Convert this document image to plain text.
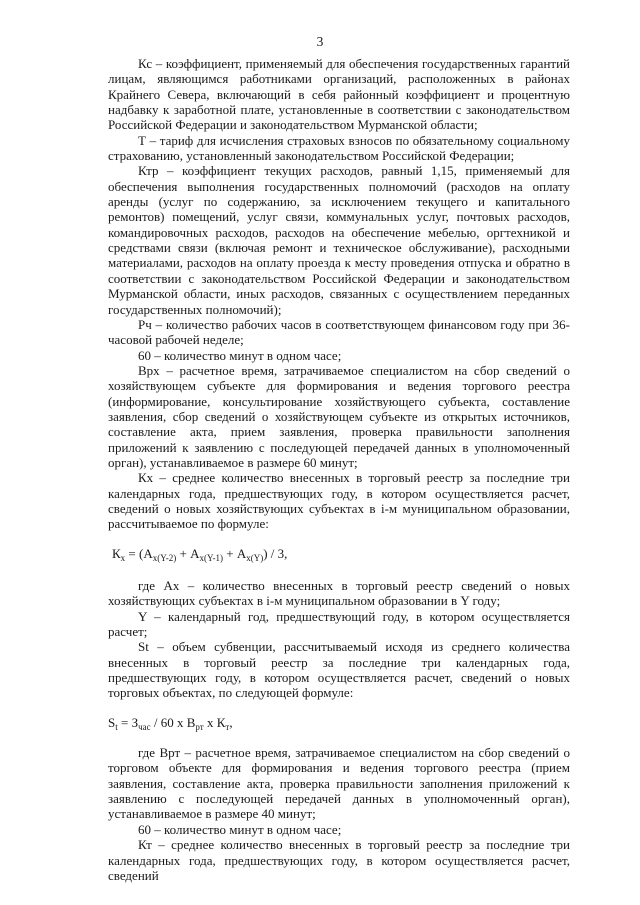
3

Кс – коэффициент, применяемый для обеспечения государственных гарантий лицам, являющимся работниками организаций, расположенных в районах Крайнего Севера, включающий в себя районный коэффициент и процентную надбавку к заработной плате, установленные в соответствии с законодательством Российской Федерации и законодательством Мурманской области;

Т – тариф для исчисления страховых взносов по обязательному социальному страхованию, установленный законодательством Российской Федерации;

Ктр – коэффициент текущих расходов, равный 1,15, применяемый для обеспечения выполнения государственных полномочий (расходов на оплату аренды (услуг по содержанию, за исключением текущего и капитального ремонтов) помещений, услуг связи, коммунальных услуг, почтовых расходов, командировочных расходов, расходов на обеспечение мебелью, оргтехникой и средствами связи (включая ремонт и техническое обслуживание), расходными материалами, расходов на оплату проезда к месту проведения отпуска и обратно в соответствии с законодательством Российской Федерации и законодательством Мурманской области, иных расходов, связанных с осуществлением переданных государственных полномочий);

Рч – количество рабочих часов в соответствующем финансовом году при 36-часовой рабочей неделе;

60 – количество минут в одном часе;

Врх – расчетное время, затрачиваемое специалистом на сбор сведений о хозяйствующем субъекте для формирования и ведения торгового реестра (информирование, консультирование хозяйствующего субъекта, составление заявления, сбор сведений о хозяйствующем субъекте из открытых источников, составление акта, прием заявления, проверка правильности заполнения приложений к заявлению с последующей передачей данных в уполномоченный орган), устанавливаемое в размере 60 минут;

Кх – среднее количество внесенных в торговый реестр за последние три календарных года, предшествующих году, в котором осуществляется расчет, сведений о новых хозяйствующих субъектах в i-м муниципальном образовании, рассчитываемое по формуле:

$К_х = (А_{х(Y-2)} + А_{х(Y-1)} + А_{х(Y)}) / 3$,

где Ах – количество внесенных в торговый реестр сведений о новых хозяйствующих субъектах в i-м муниципальном образовании в Y году;

Y – календарный год, предшествующий году, в котором осуществляется расчет;

St – объем субвенции, рассчитываемый исходя из среднего количества внесенных в торговый реестр за последние три календарных года, предшествующих году, в котором осуществляется расчет, сведений о новых торговых объектах, по следующей формуле:

$S_t = З_{час} / 60$ х $В_{рт}$ х $К_т$,

где Врт – расчетное время, затрачиваемое специалистом на сбор сведений о торговом объекте для формирования и ведения торгового реестра (прием заявления, составление акта, проверка правильности заполнения приложений к заявлению с последующей передачей данных в уполномоченный орган), устанавливаемое в размере 40 минут;

60 – количество минут в одном часе;

Кт – среднее количество внесенных в торговый реестр за последние три календарных года, предшествующих году, в котором осуществляется расчет, сведений
